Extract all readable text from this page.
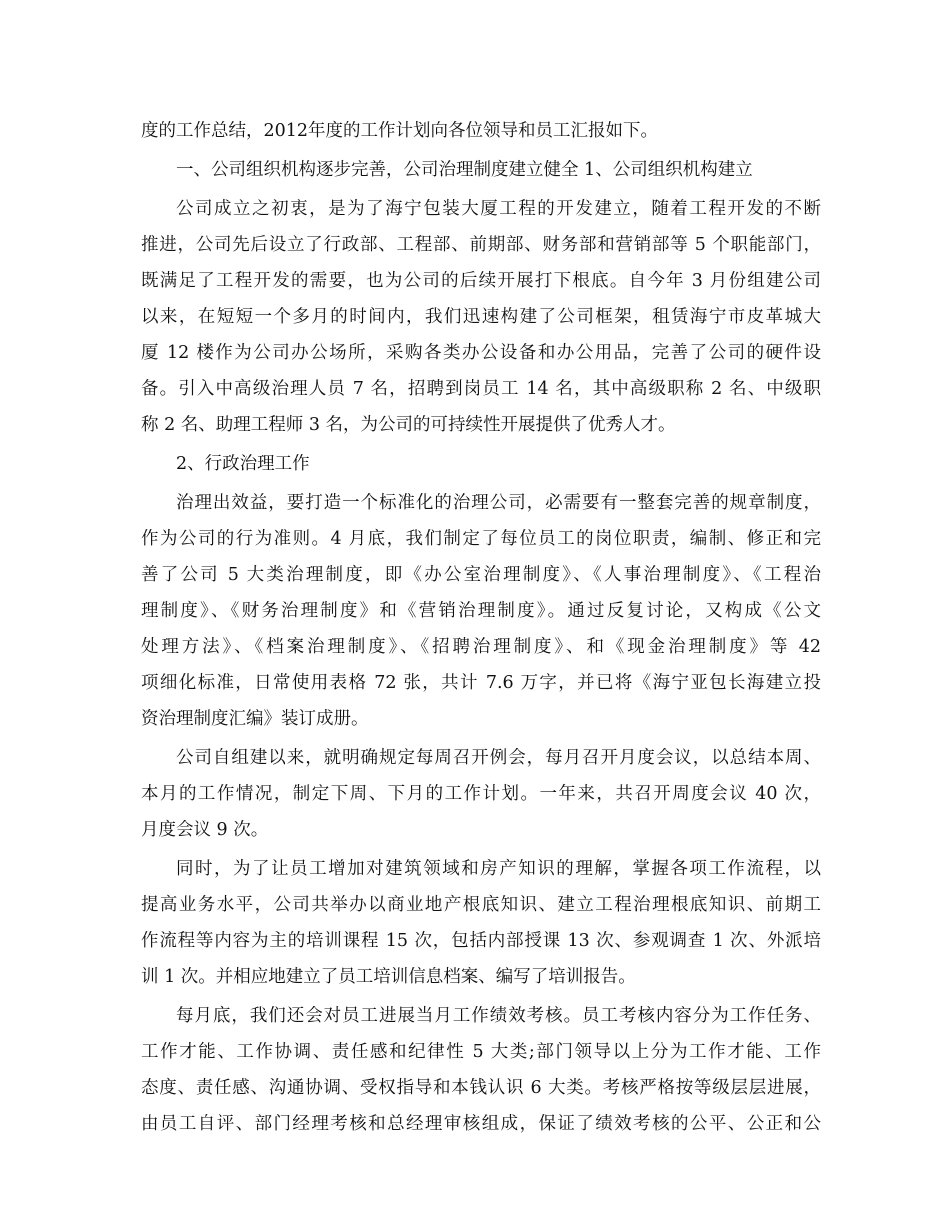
度的工作总结，2012年度的工作计划向各位领导和员工汇报如下。
一、公司组织机构逐步完善，公司治理制度建立健全 1、公司组织机构建立
公司成立之初衷，是为了海宁包装大厦工程的开发建立，随着工程开发的不断
推进，公司先后设立了行政部、工程部、前期部、财务部和营销部等 5 个职能部门，
既满足了工程开发的需要，也为公司的后续开展打下根底。自今年 3 月份组建公司
以来，在短短一个多月的时间内，我们迅速构建了公司框架，租赁海宁市皮革城大
厦 12 楼作为公司办公场所，采购各类办公设备和办公用品，完善了公司的硬件设
备。引入中高级治理人员 7 名，招聘到岗员工 14 名，其中高级职称 2 名、中级职
称 2 名、助理工程师 3 名，为公司的可持续性开展提供了优秀人才。
2、行政治理工作
治理出效益，要打造一个标准化的治理公司，必需要有一整套完善的规章制度，
作为公司的行为准则。4 月底，我们制定了每位员工的岗位职责，编制、修正和完
善了公司 5 大类治理制度，即《办公室治理制度》、《人事治理制度》、《工程治
理制度》、《财务治理制度》和《营销治理制度》。通过反复讨论，又构成《公文
处理方法》、《档案治理制度》、《招聘治理制度》、和《现金治理制度》等 42
项细化标准，日常使用表格 72 张，共计 7.6 万字，并已将《海宁亚包长海建立投
资治理制度汇编》装订成册。
公司自组建以来，就明确规定每周召开例会，每月召开月度会议，以总结本周、
本月的工作情况，制定下周、下月的工作计划。一年来，共召开周度会议 40 次，
月度会议 9 次。
同时，为了让员工增加对建筑领域和房产知识的理解，掌握各项工作流程，以
提高业务水平，公司共举办以商业地产根底知识、建立工程治理根底知识、前期工
作流程等内容为主的培训课程 15 次，包括内部授课 13 次、参观调查 1 次、外派培
训 1 次。并相应地建立了员工培训信息档案、编写了培训报告。
每月底，我们还会对员工进展当月工作绩效考核。员工考核内容分为工作任务、
工作才能、工作协调、责任感和纪律性 5 大类;部门领导以上分为工作才能、工作
态度、责任感、沟通协调、受权指导和本钱认识 6 大类。考核严格按等级层层进展，
由员工自评、部门经理考核和总经理审核组成，保证了绩效考核的公平、公正和公
